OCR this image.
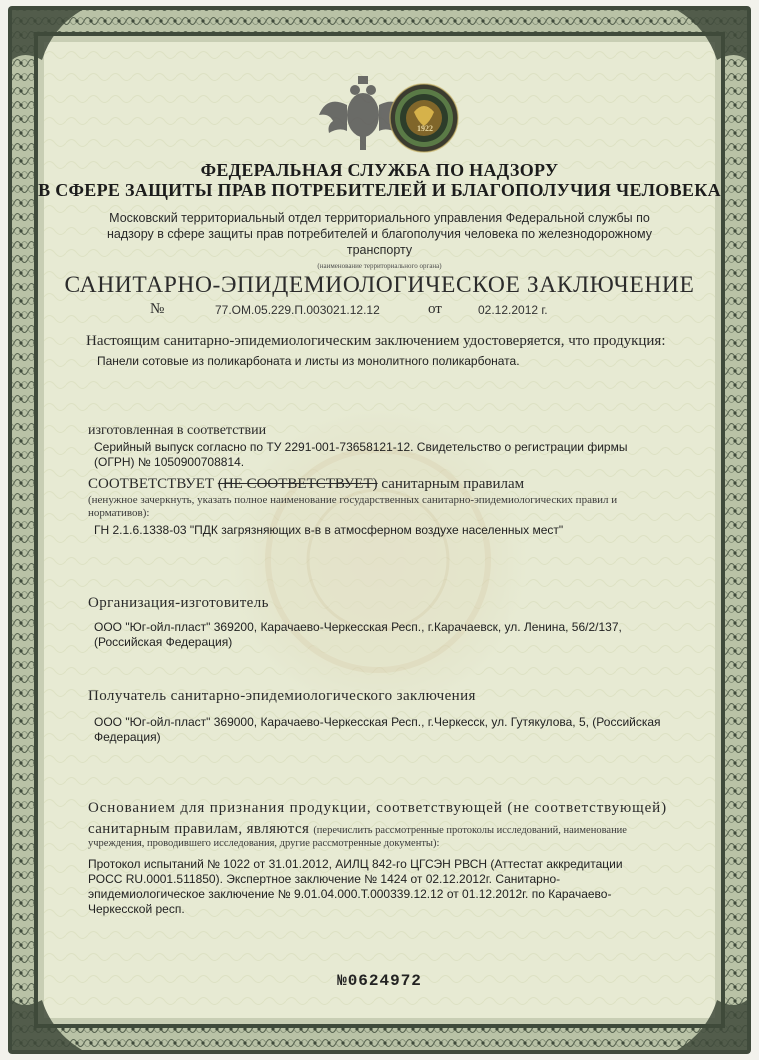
1922
ФЕДЕРАЛЬНАЯ СЛУЖБА ПО НАДЗОРУ
В СФЕРЕ ЗАЩИТЫ ПРАВ ПОТРЕБИТЕЛЕЙ И БЛАГОПОЛУЧИЯ ЧЕЛОВЕКА
Московский территориальный отдел территориального управления Федеральной службы по надзору в сфере защиты прав потребителей и благополучия человека по железнодорожному транспорту
(наименование территориального органа)
САНИТАРНО-ЭПИДЕМИОЛОГИЧЕСКОЕ ЗАКЛЮЧЕНИЕ
№	77.ОМ.05.229.П.003021.12.12	от	02.12.2012 г.
Настоящим санитарно-эпидемиологическим заключением удостоверяется, что продукция:
Панели сотовые из поликарбоната и листы из монолитного поликарбоната.
изготовленная в соответствии
Серийный выпуск согласно по ТУ 2291-001-73658121-12. Свидетельство о регистрации фирмы (ОГРН) № 1050900708814.
СООТВЕТСТВУЕТ (НЕ СООТВЕТСТВУЕТ) санитарным правилам
(ненужное зачеркнуть, указать полное наименование государственных санитарно-эпидемиологических правил и нормативов):
ГН 2.1.6.1338-03 "ПДК загрязняющих в-в в атмосферном воздухе населенных мест"
Организация-изготовитель
ООО "Юг-ойл-пласт" 369200, Карачаево-Черкесская Респ., г.Карачаевск, ул. Ленина, 56/2/137, (Российская Федерация)
Получатель санитарно-эпидемиологического заключения
ООО "Юг-ойл-пласт" 369000, Карачаево-Черкесская Респ., г.Черкесск, ул. Гутякулова, 5, (Российская Федерация)
Основанием для признания продукции, соответствующей (не соответствующей)
санитарным правилам, являются (перечислить рассмотренные протоколы исследований, наименование
учреждения, проводившего исследования, другие рассмотренные документы):
Протокол испытаний № 1022 от 31.01.2012, АИЛЦ 842-го ЦГСЭН РВСН (Аттестат аккредитации РОСС RU.0001.511850). Экспертное заключение № 1424 от 02.12.2012г. Санитарно-эпидемиологическое заключение № 9.01.04.000.Т.000339.12.12 от 01.12.2012г. по Карачаево-Черкесской респ.
№0624972
